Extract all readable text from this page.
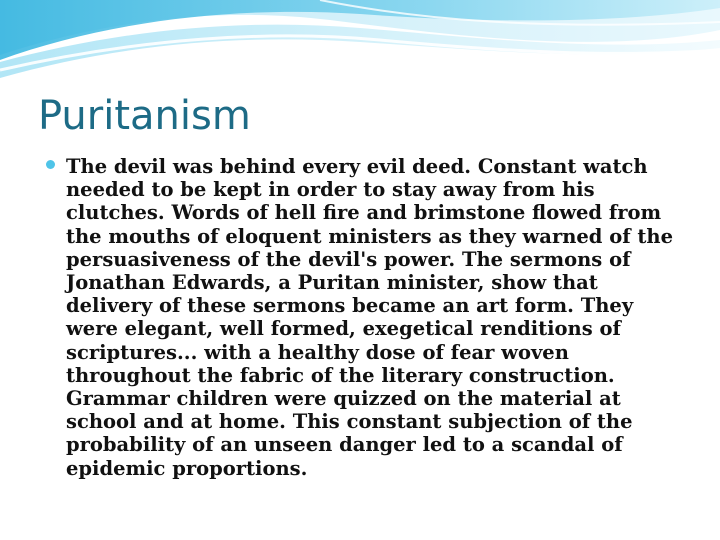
Puritanism

The devil was behind every evil deed. Constant watch needed to be kept in order to stay away from his clutches. Words of hell fire and brimstone flowed from the mouths of eloquent ministers as they warned of the persuasiveness of the devil's power. The sermons of Jonathan Edwards, a Puritan minister, show that delivery of these sermons became an art form. They were elegant, well formed, exegetical renditions of scriptures... with a healthy dose of fear woven throughout the fabric of the literary construction. Grammar children were quizzed on the material at school and at home. This constant subjection of the probability of an unseen danger led to a scandal of epidemic proportions.
